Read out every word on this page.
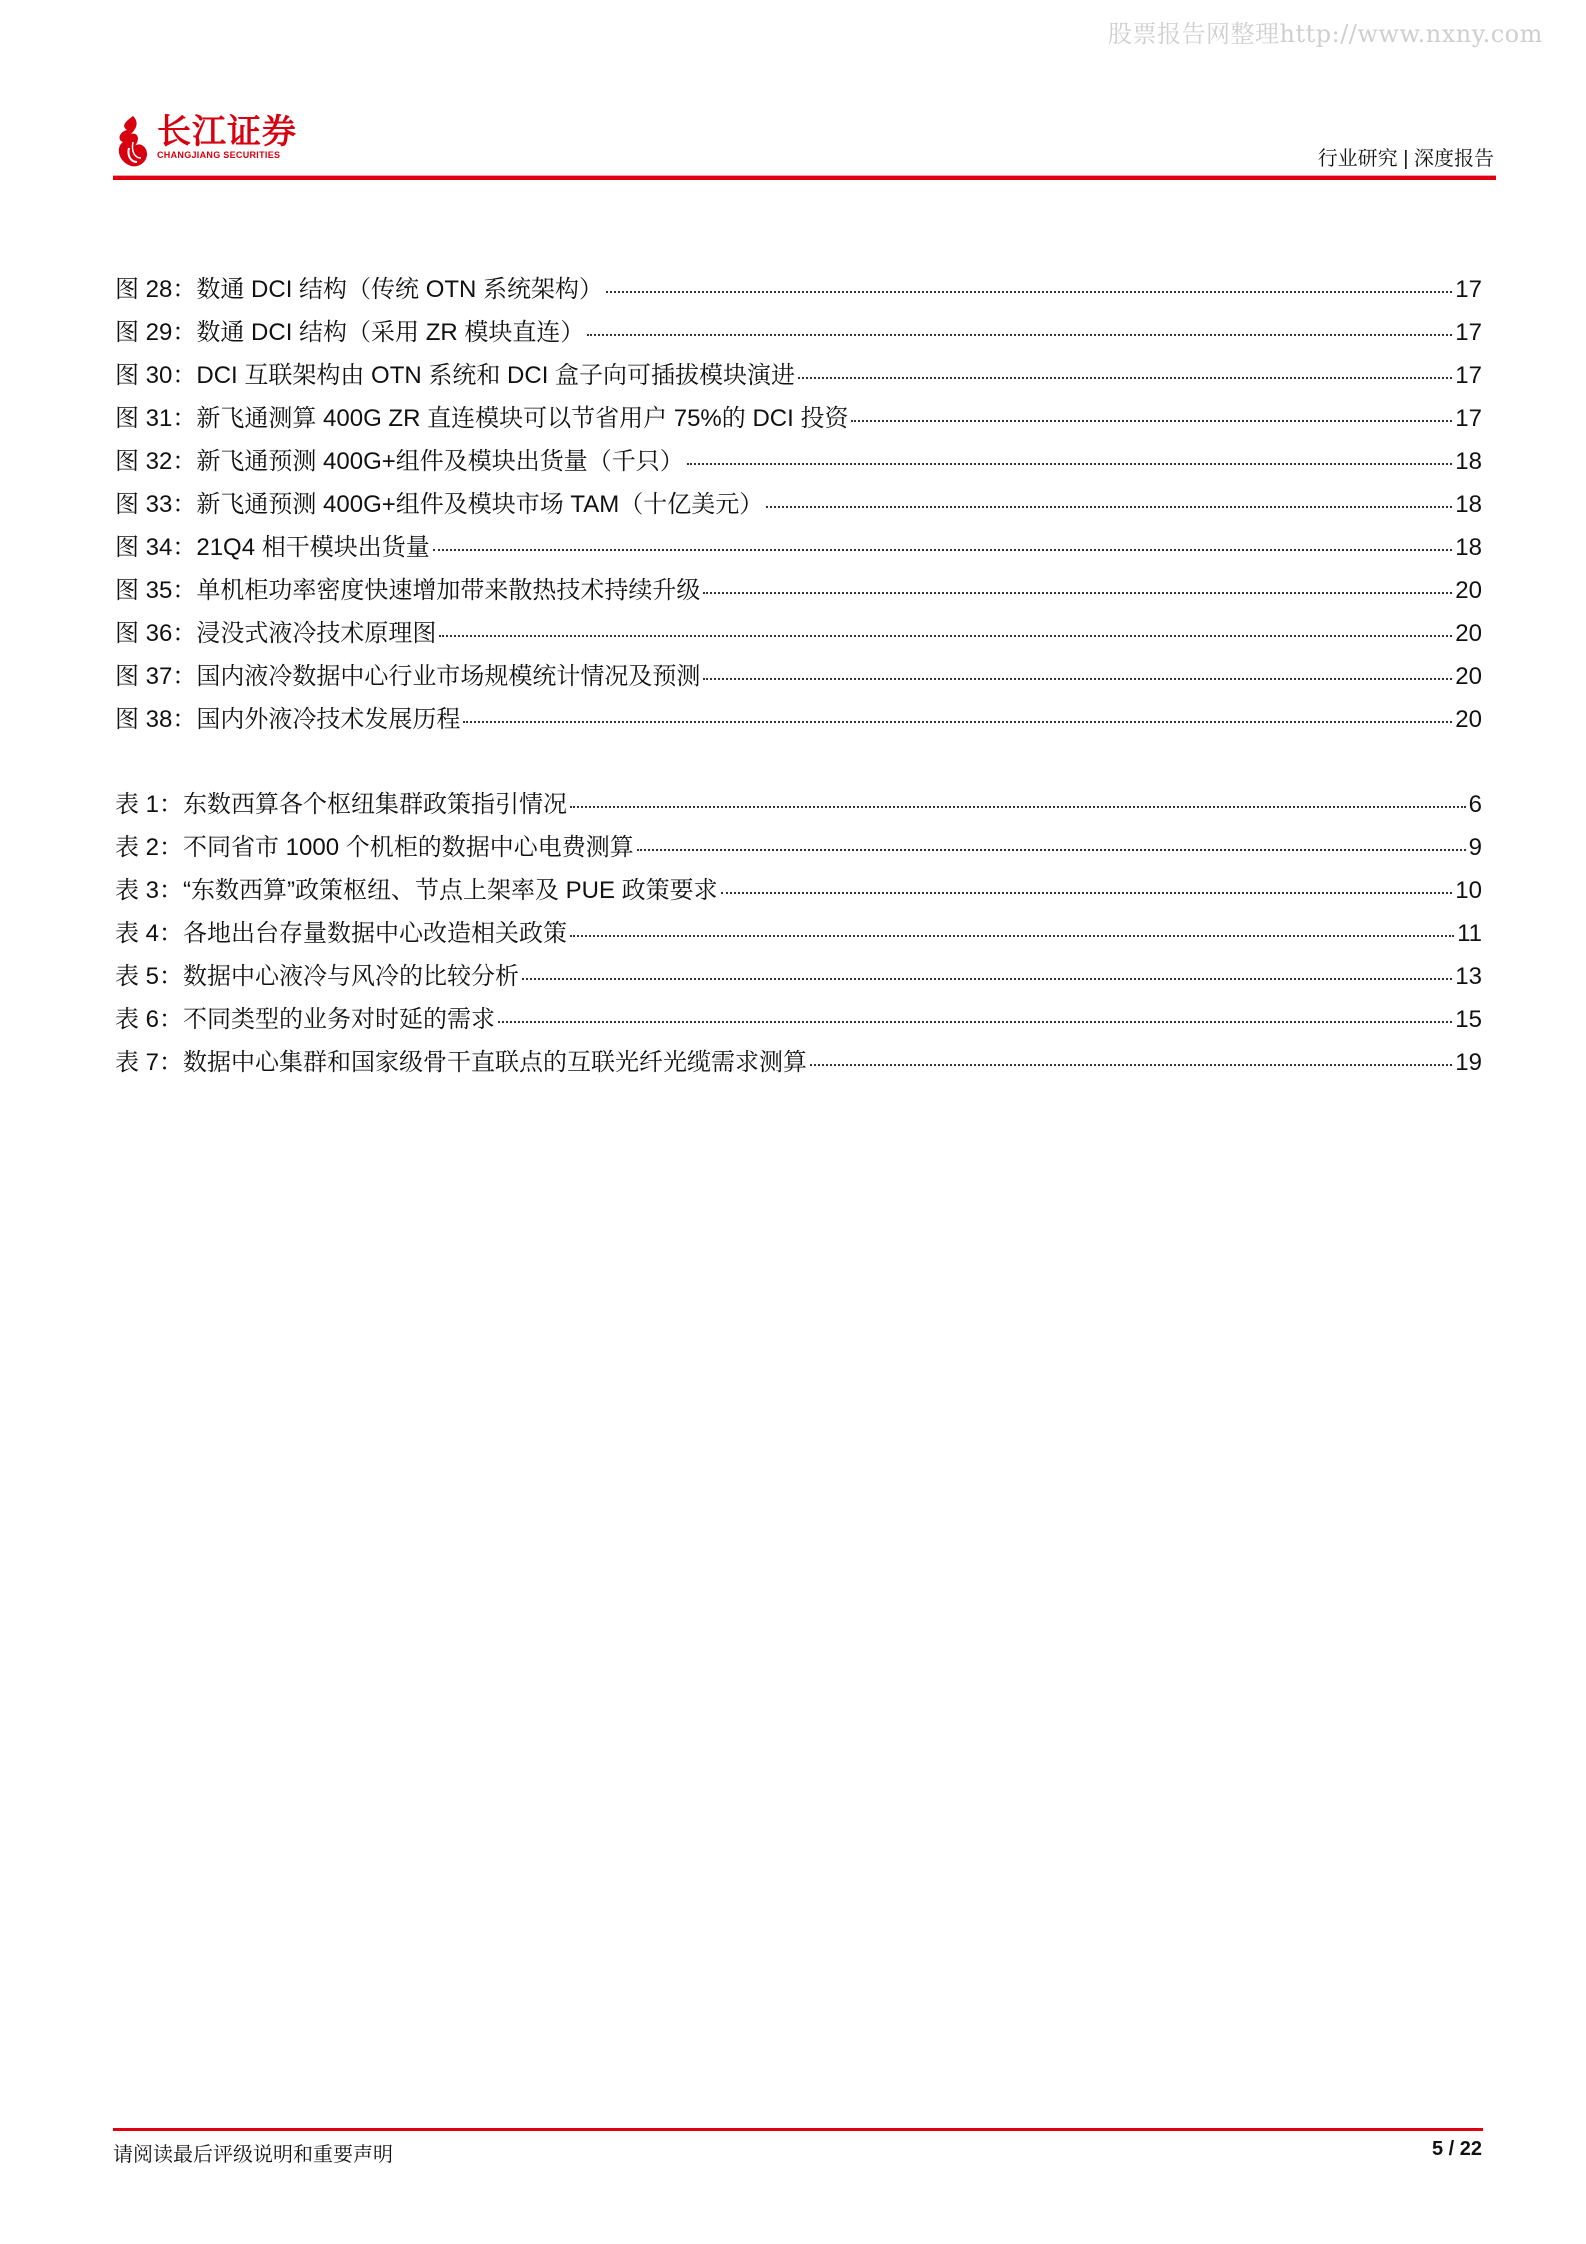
股票报告网整理http://www.nxny.com
长江证券
CHANGJIANG SECURITIES	行业研究 | 深度报告
图 28：数通 DCI 结构（传统 OTN 系统架构）	17
图 29：数通 DCI 结构（采用 ZR 模块直连）	17
图 30：DCI 互联架构由 OTN 系统和 DCI 盒子向可插拔模块演进	17
图 31：新飞通测算 400G ZR 直连模块可以节省用户 75%的 DCI 投资	17
图 32：新飞通预测 400G+组件及模块出货量（千只）	18
图 33：新飞通预测 400G+组件及模块市场 TAM（十亿美元）	18
图 34：21Q4 相干模块出货量	18
图 35：单机柜功率密度快速增加带来散热技术持续升级	20
图 36：浸没式液冷技术原理图	20
图 37：国内液冷数据中心行业市场规模统计情况及预测	20
图 38：国内外液冷技术发展历程	20
表 1：东数西算各个枢纽集群政策指引情况	6
表 2：不同省市 1000 个机柜的数据中心电费测算	9
表 3：“东数西算”政策枢纽、节点上架率及 PUE 政策要求	10
表 4：各地出台存量数据中心改造相关政策	11
表 5：数据中心液冷与风冷的比较分析	13
表 6：不同类型的业务对时延的需求	15
表 7：数据中心集群和国家级骨干直联点的互联光纤光缆需求测算	19
请阅读最后评级说明和重要声明	5 / 22
